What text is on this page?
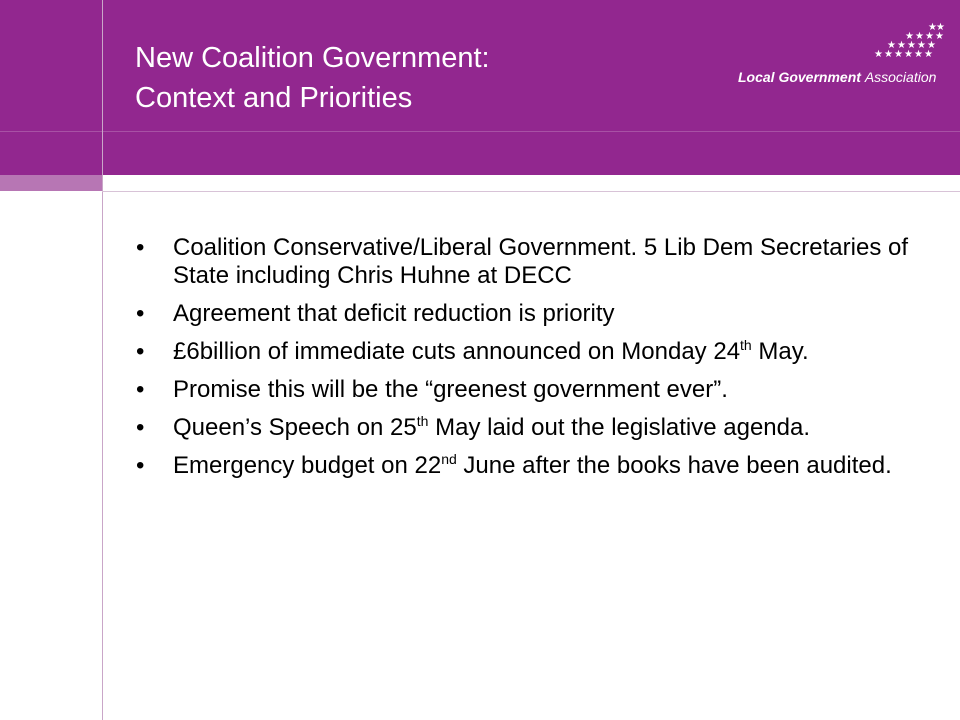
New Coalition Government:
Context and Priorities
★ ★
★ ★ ★ ★
★ ★ ★ ★ ★
★ ★ ★ ★ ★ ★
Local Government Association
• Coalition Conservative/Liberal Government. 5 Lib Dem Secretaries of State including Chris Huhne at DECC
• Agreement that deficit reduction is priority
• £6billion of immediate cuts announced on Monday 24th May.
• Promise this will be the “greenest government ever”.
• Queen’s Speech on 25th May laid out the legislative agenda.
• Emergency budget on 22nd June after the books have been audited.
